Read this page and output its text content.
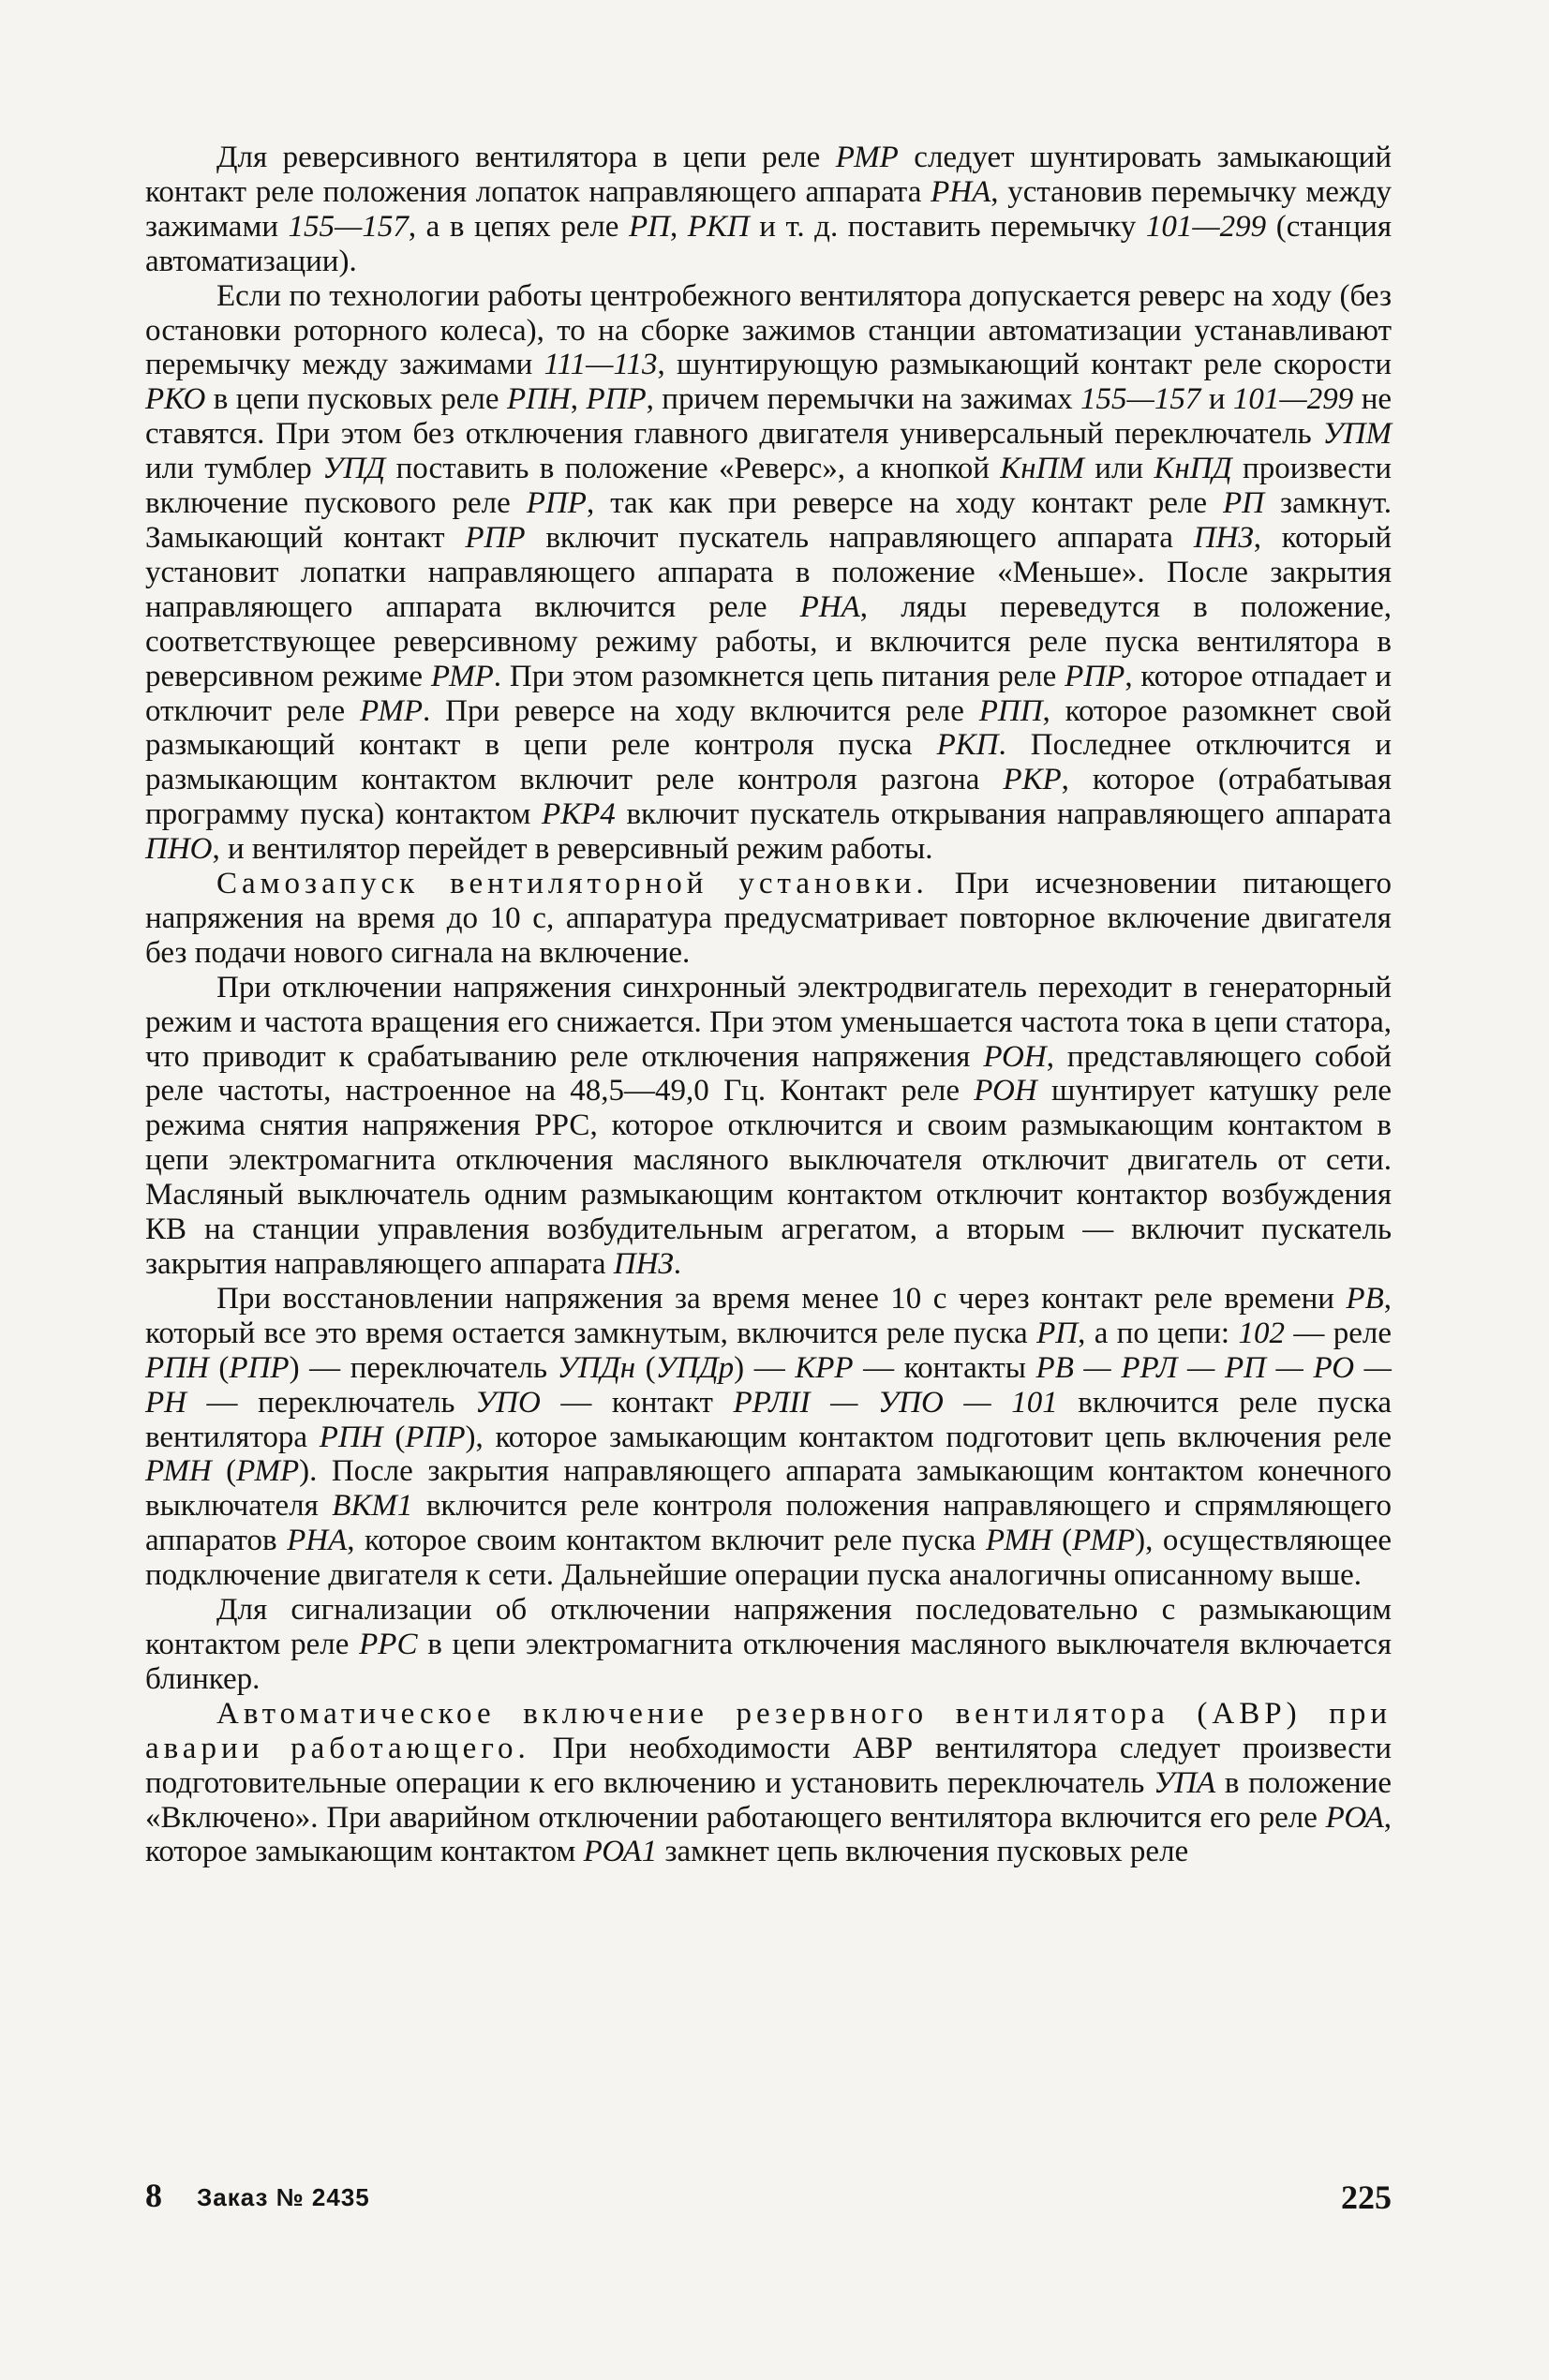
Для реверсивного вентилятора в цепи реле РМР следует шунтировать замыкающий контакт реле положения лопаток направляющего аппарата РНА, установив перемычку между зажимами 155—157, а в цепях реле РП, РКП и т. д. поставить перемычку 101—299 (станция автоматизации).

Если по технологии работы центробежного вентилятора допускается реверс на ходу (без остановки роторного колеса), то на сборке зажимов станции автоматизации устанавливают перемычку между зажимами 111—113, шунтирующую размыкающий контакт реле скорости РКО в цепи пусковых реле РПН, РПР, причем перемычки на зажимах 155—157 и 101—299 не ставятся. При этом без отключения главного двигателя универсальный переключатель УПМ или тумблер УПД поставить в положение «Реверс», а кнопкой КнПМ или КнПД произвести включение пускового реле РПР, так как при реверсе на ходу контакт реле РП замкнут. Замыкающий контакт РПР включит пускатель направляющего аппарата ПНЗ, который установит лопатки направляющего аппарата в положение «Меньше». После закрытия направляющего аппарата включится реле РНА, ляды переведутся в положение, соответствующее реверсивному режиму работы, и включится реле пуска вентилятора в реверсивном режиме РМР. При этом разомкнется цепь питания реле РПР, которое отпадает и отключит реле РМР. При реверсе на ходу включится реле РПП, которое разомкнет свой размыкающий контакт в цепи реле контроля пуска РКП. Последнее отключится и размыкающим контактом включит реле контроля разгона РКР, которое (отрабатывая программу пуска) контактом РКР4 включит пускатель открывания направляющего аппарата ПНО, и вентилятор перейдет в реверсивный режим работы.

Самозапуск вентиляторной установки. При исчезновении питающего напряжения на время до 10 с, аппаратура предусматривает повторное включение двигателя без подачи нового сигнала на включение.

При отключении напряжения синхронный электродвигатель переходит в генераторный режим и частота вращения его снижается. При этом уменьшается частота тока в цепи статора, что приводит к срабатыванию реле отключения напряжения РОН, представляющего собой реле частоты, настроенное на 48,5—49,0 Гц. Контакт реле РОН шунтирует катушку реле режима снятия напряжения РРС, которое отключится и своим размыкающим контактом в цепи электромагнита отключения масляного выключателя отключит двигатель от сети. Масляный выключатель одним размыкающим контактом отключит контактор возбуждения КВ на станции управления возбудительным агрегатом, а вторым — включит пускатель закрытия направляющего аппарата ПНЗ.

При восстановлении напряжения за время менее 10 с через контакт реле времени РВ, который все это время остается замкнутым, включится реле пуска РП, а по цепи: 102 — реле РПН (РПР) — переключатель УПДн (УПДр) — КРР — контакты РВ — РРЛ — РП — РО — РН — переключатель УПО — контакт РРЛII — УПО — 101 включится реле пуска вентилятора РПН (РПР), которое замыкающим контактом подготовит цепь включения реле РМН (РМР). После закрытия направляющего аппарата замыкающим контактом конечного выключателя ВКМ1 включится реле контроля положения направляющего и спрямляющего аппаратов РНА, которое своим контактом включит реле пуска РМН (РМР), осуществляющее подключение двигателя к сети. Дальнейшие операции пуска аналогичны описанному выше.

Для сигнализации об отключении напряжения последовательно с размыкающим контактом реле РРС в цепи электромагнита отключения масляного выключателя включается блинкер.

Автоматическое включение резервного вентилятора (АВР) при аварии работающего. При необходимости АВР вентилятора следует произвести подготовительные операции к его включению и установить переключатель УПА в положение «Включено». При аварийном отключении работающего вентилятора включится его реле РОА, которое замыкающим контактом РОА1 замкнет цепь включения пусковых реле

8 Заказ № 2435	225
